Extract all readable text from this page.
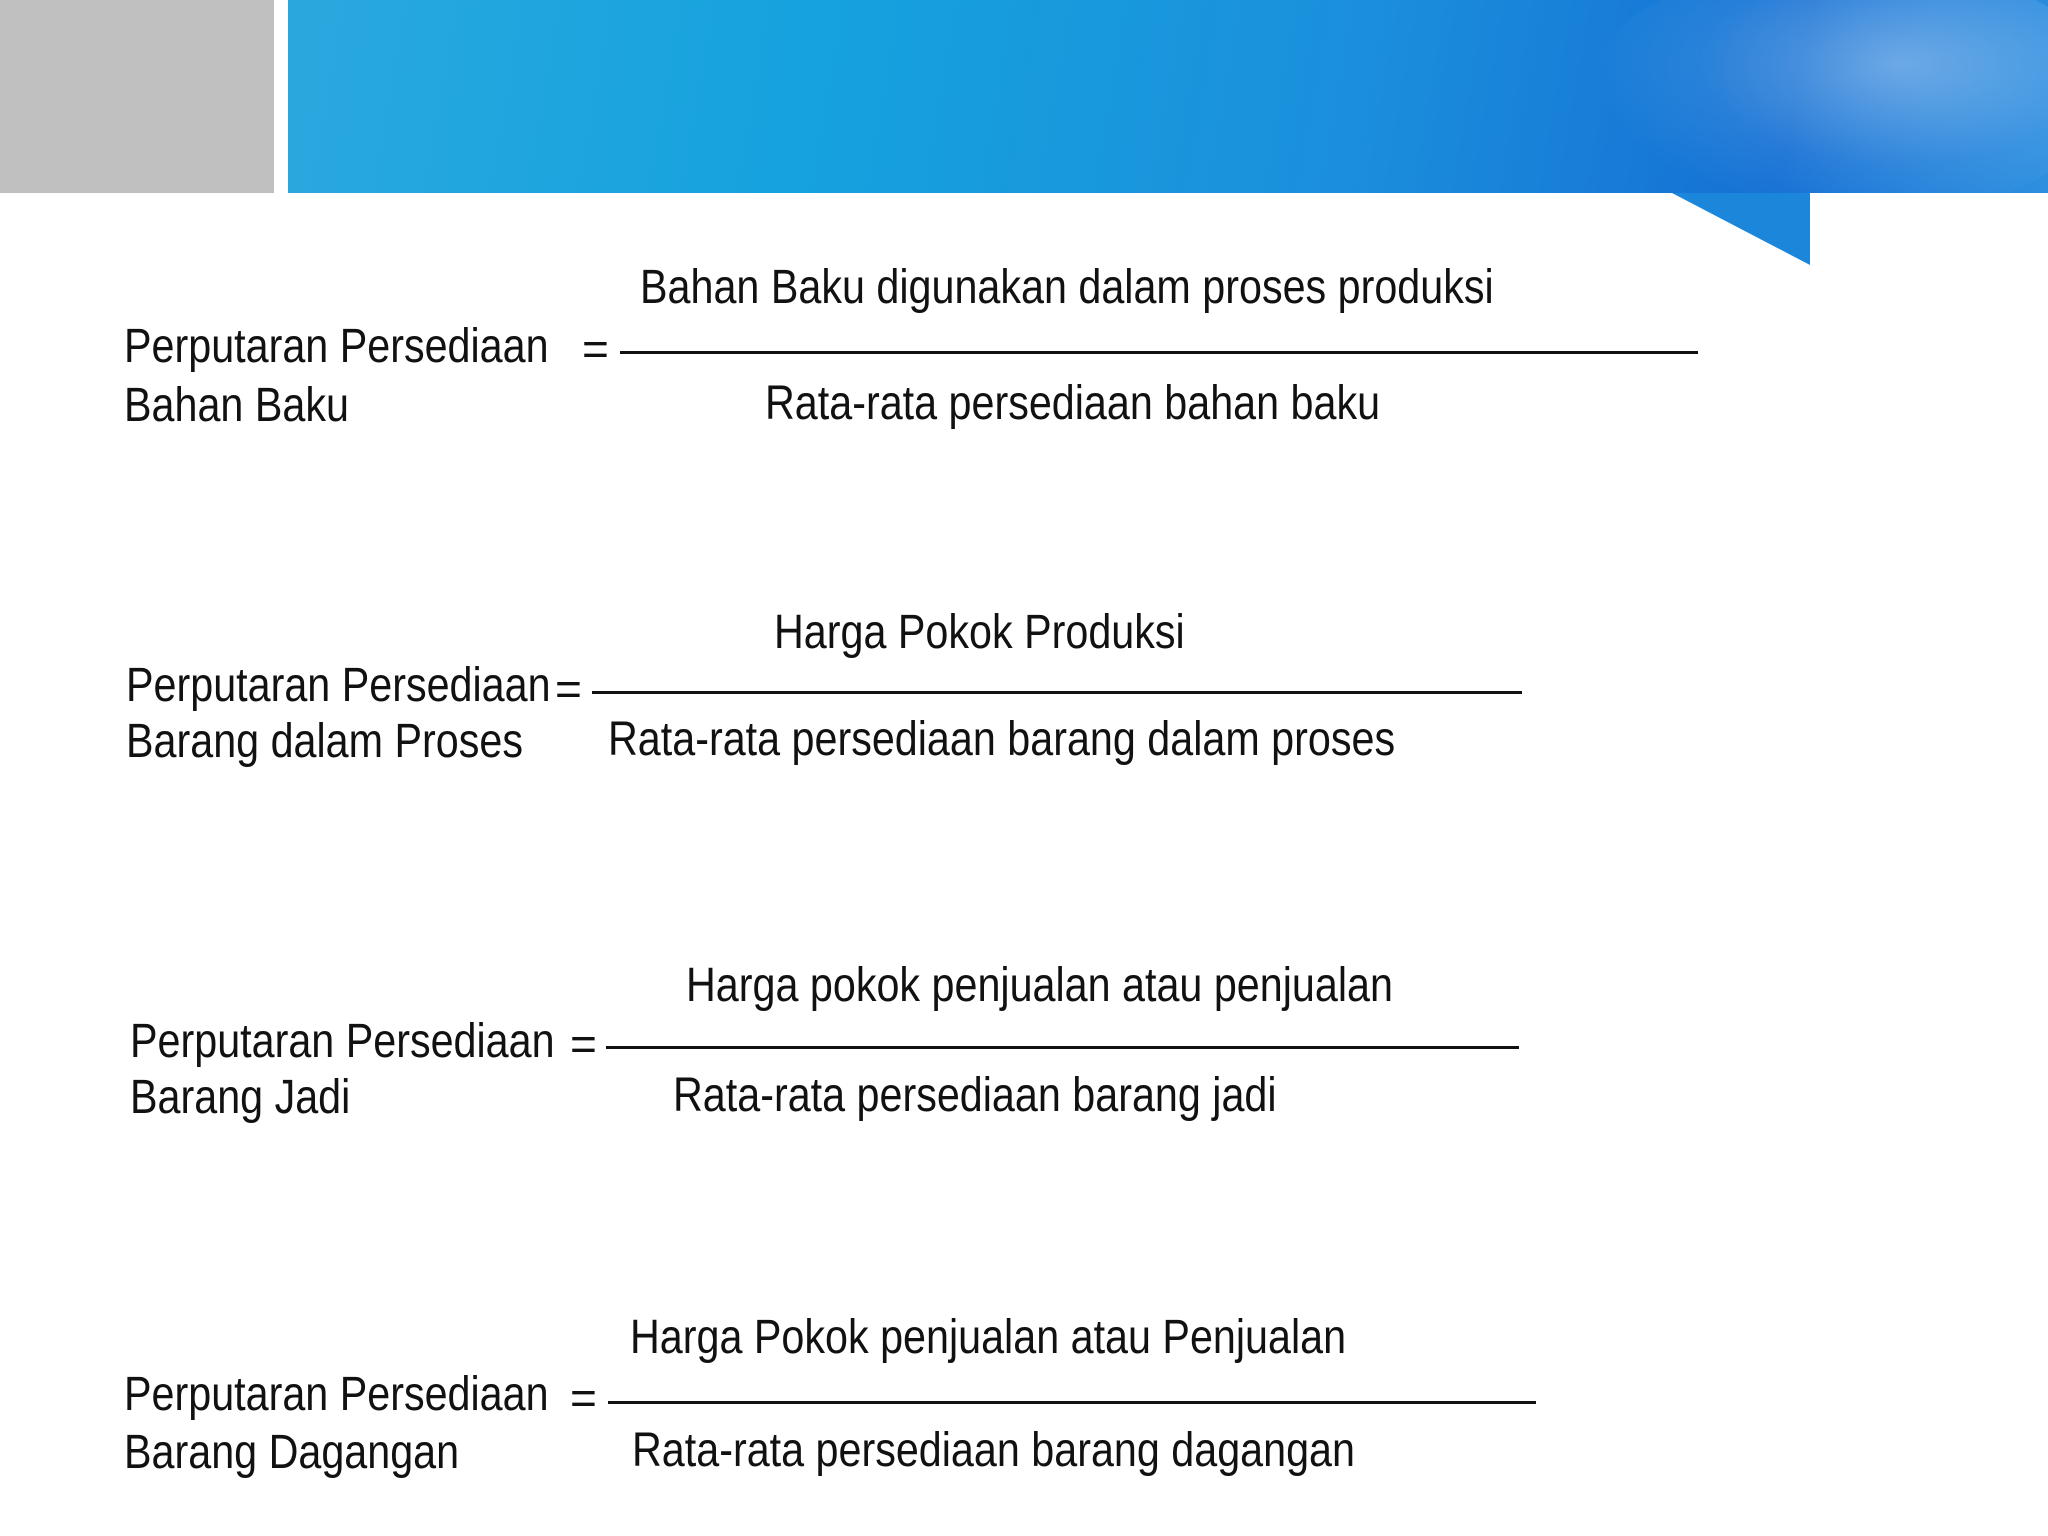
Bahan Baku digunakan dalam proses produksi
Perputaran Persediaan =
Bahan Baku	Rata-rata persediaan bahan baku
Harga Pokok Produksi
Perputaran Persediaan =
Barang dalam Proses Rata-rata persediaan barang dalam proses
Harga pokok penjualan atau penjualan
Perputaran Persediaan =
Barang Jadi	Rata-rata persediaan barang jadi
Harga Pokok penjualan atau Penjualan
Perputaran Persediaan =
Barang Dagangan	Rata-rata persediaan barang dagangan
